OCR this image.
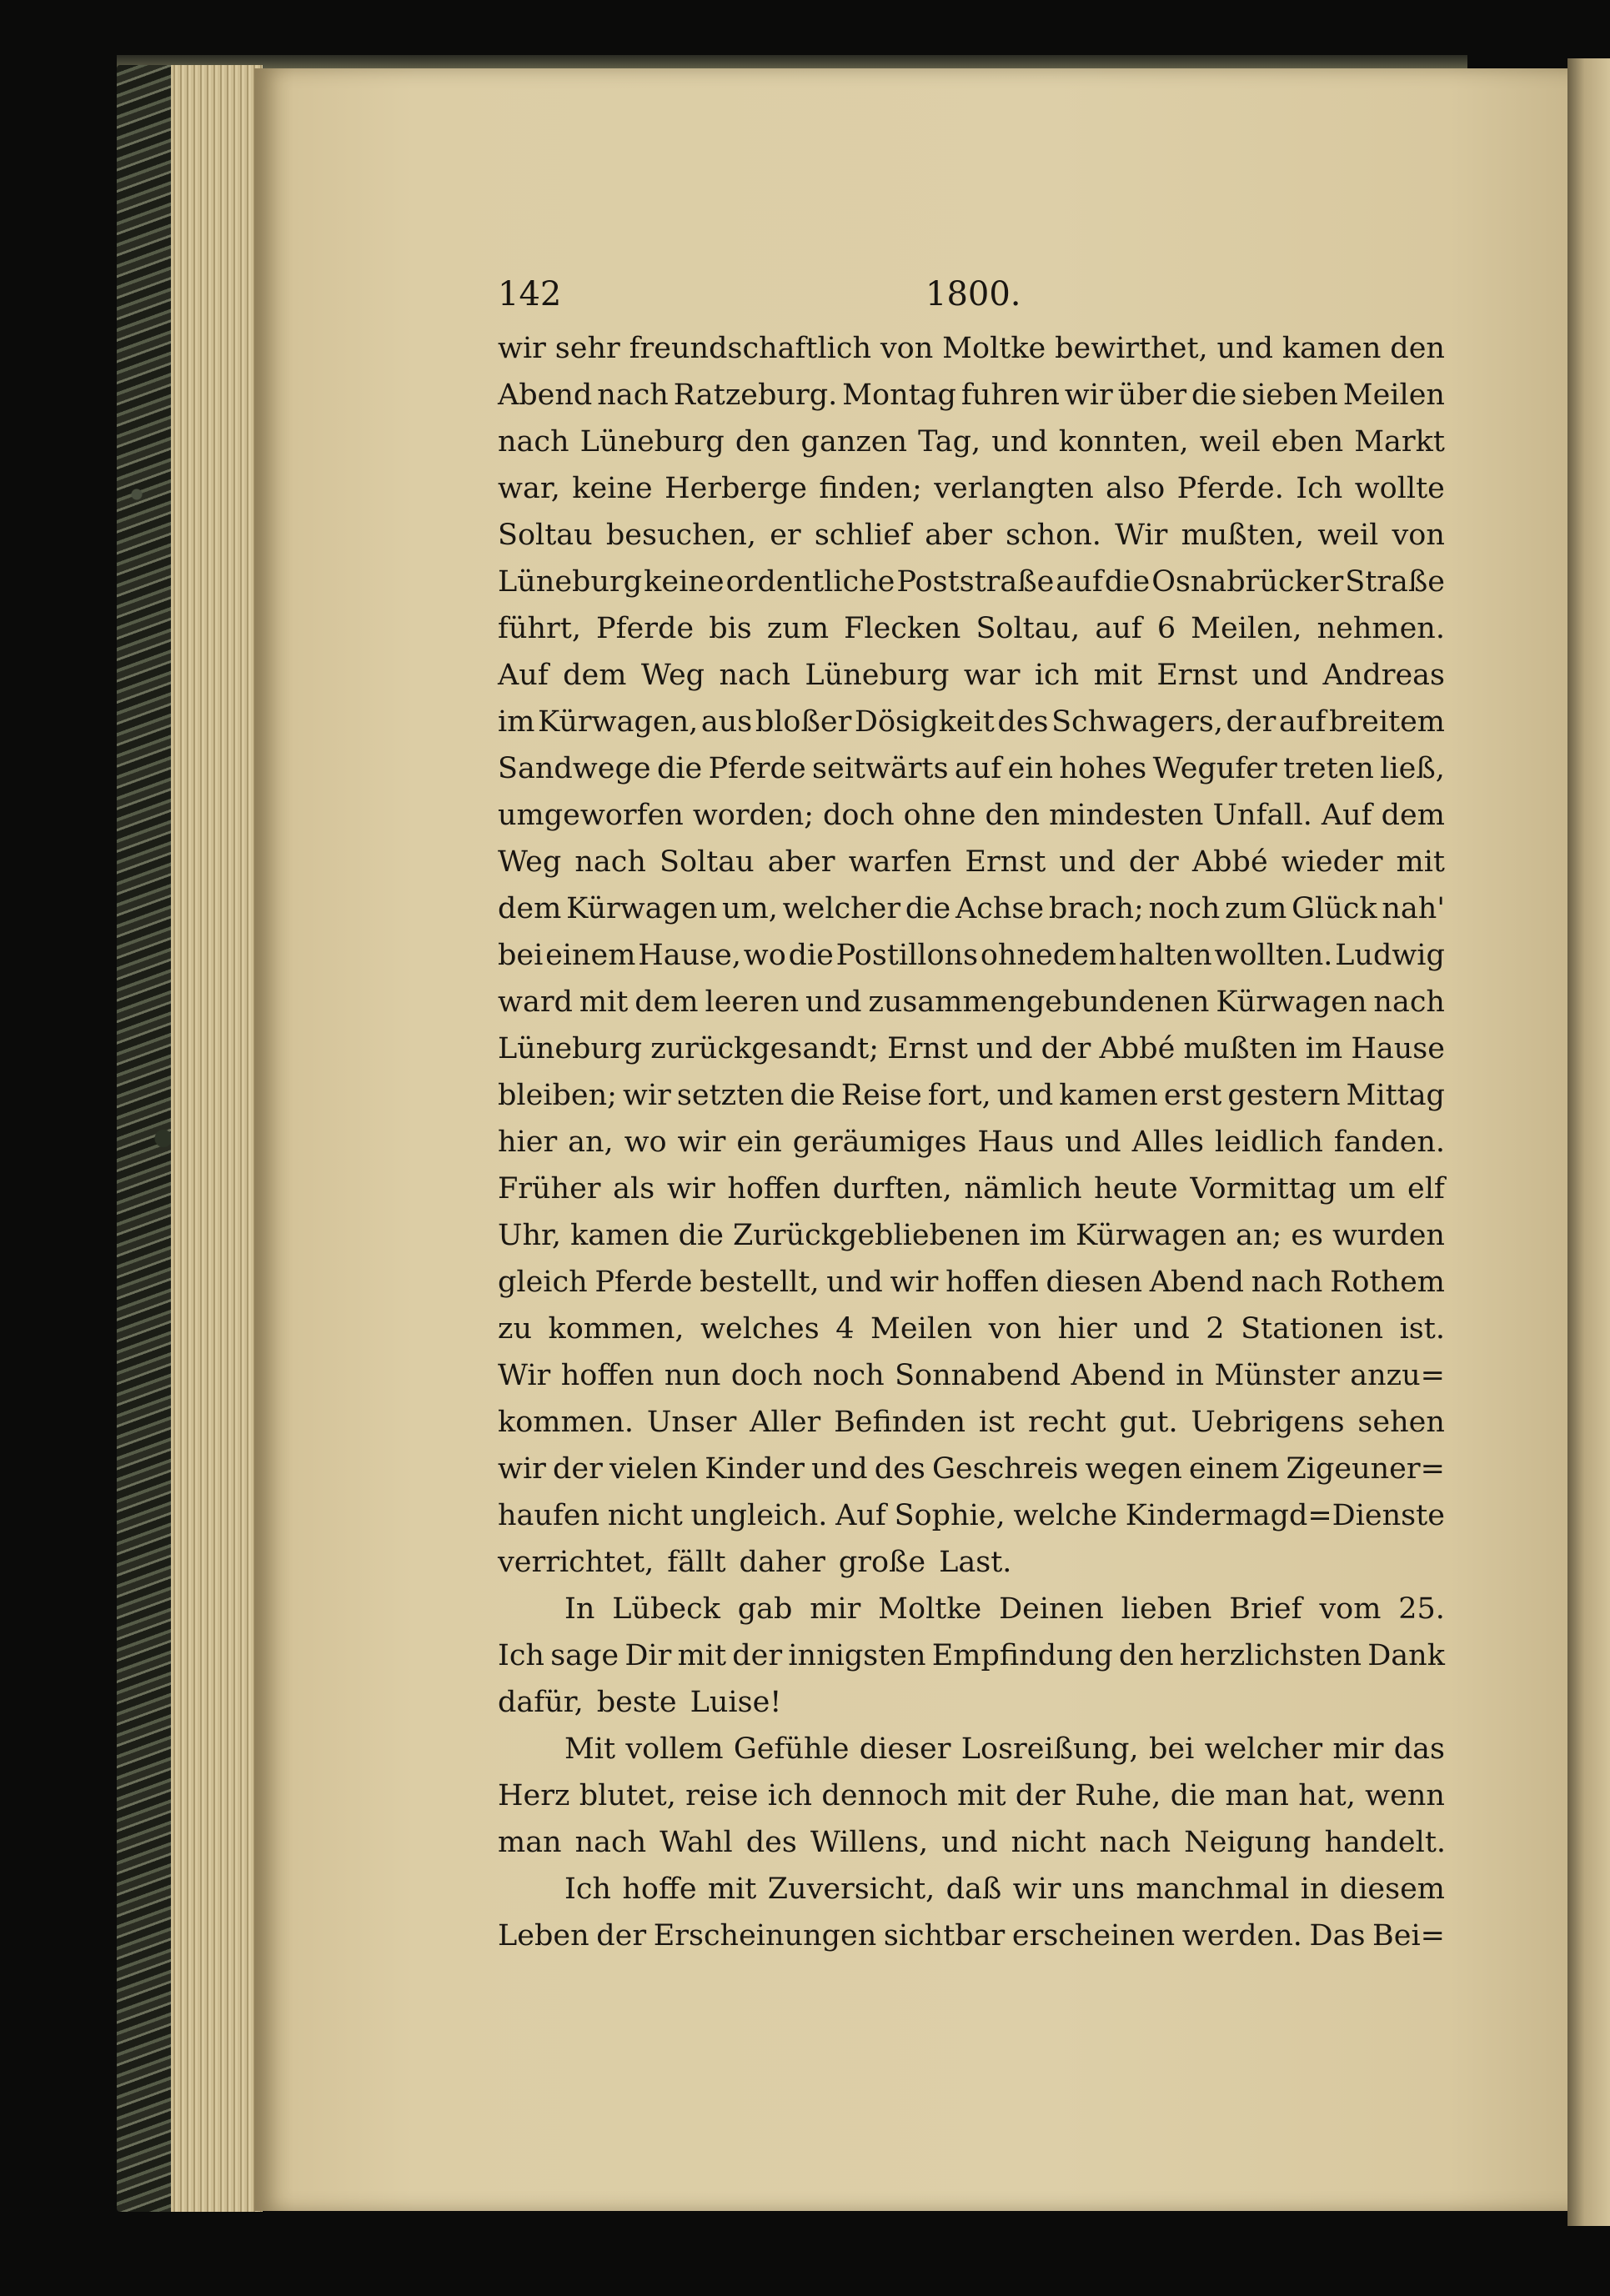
142	1800.
wir sehr freundschaftlich von Moltke bewirthet, und kamen den
Abend nach Ratzeburg. Montag fuhren wir über die sieben Meilen
nach Lüneburg den ganzen Tag, und konnten, weil eben Markt
war, keine Herberge finden; verlangten also Pferde. Ich wollte
Soltau besuchen, er schlief aber schon. Wir mußten, weil von
Lüneburg keine ordentliche Poststraße auf die Osnabrücker Straße
führt, Pferde bis zum Flecken Soltau, auf 6 Meilen, nehmen.
Auf dem Weg nach Lüneburg war ich mit Ernst und Andreas
im Kürwagen, aus bloßer Dösigkeit des Schwagers, der auf breitem
Sandwege die Pferde seitwärts auf ein hohes Wegufer treten ließ,
umgeworfen worden; doch ohne den mindesten Unfall. Auf dem
Weg nach Soltau aber warfen Ernst und der Abbé wieder mit
dem Kürwagen um, welcher die Achse brach; noch zum Glück nah'
bei einem Hause, wo die Postillons ohnedem halten wollten. Ludwig
ward mit dem leeren und zusammengebundenen Kürwagen nach
Lüneburg zurückgesandt; Ernst und der Abbé mußten im Hause
bleiben; wir setzten die Reise fort, und kamen erst gestern Mittag
hier an, wo wir ein geräumiges Haus und Alles leidlich fanden.
Früher als wir hoffen durften, nämlich heute Vormittag um elf
Uhr, kamen die Zurückgebliebenen im Kürwagen an; es wurden
gleich Pferde bestellt, und wir hoffen diesen Abend nach Rothem
zu kommen, welches 4 Meilen von hier und 2 Stationen ist.
Wir hoffen nun doch noch Sonnabend Abend in Münster anzu=
kommen. Unser Aller Befinden ist recht gut. Uebrigens sehen
wir der vielen Kinder und des Geschreis wegen einem Zigeuner=
haufen nicht ungleich. Auf Sophie, welche Kindermagd=Dienste
verrichtet, fällt daher große Last.
In Lübeck gab mir Moltke Deinen lieben Brief vom 25.
Ich sage Dir mit der innigsten Empfindung den herzlichsten Dank
dafür, beste Luise!
Mit vollem Gefühle dieser Losreißung, bei welcher mir das
Herz blutet, reise ich dennoch mit der Ruhe, die man hat, wenn
man nach Wahl des Willens, und nicht nach Neigung handelt.
Ich hoffe mit Zuversicht, daß wir uns manchmal in diesem
Leben der Erscheinungen sichtbar erscheinen werden. Das Bei=
